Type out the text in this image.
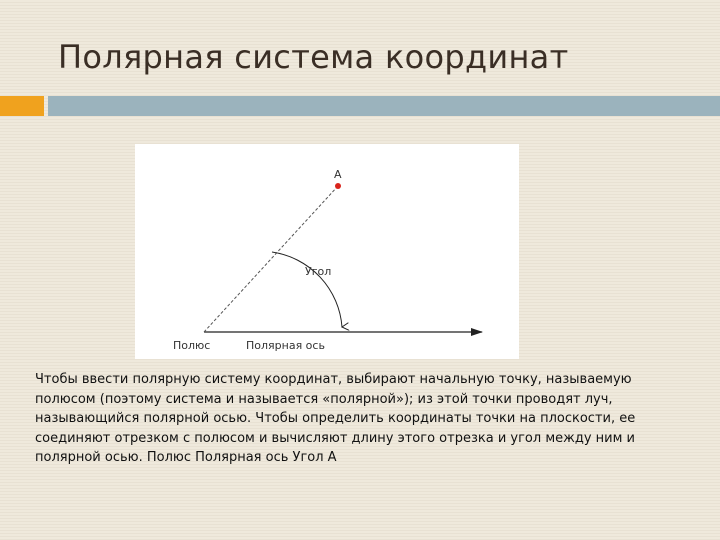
Полярная система координат
A
Угол
Полюс	Полярная ось
Чтобы ввести полярную систему координат, выбирают начальную точку, называемую полюсом (поэтому система и называется «полярной»); из этой точки проводят луч, называющийся полярной осью. Чтобы определить координаты точки на плоскости, ее соединяют отрезком с полюсом и вычисляют длину этого отрезка и угол между ним и полярной осью. Полюс Полярная ось Угол А
